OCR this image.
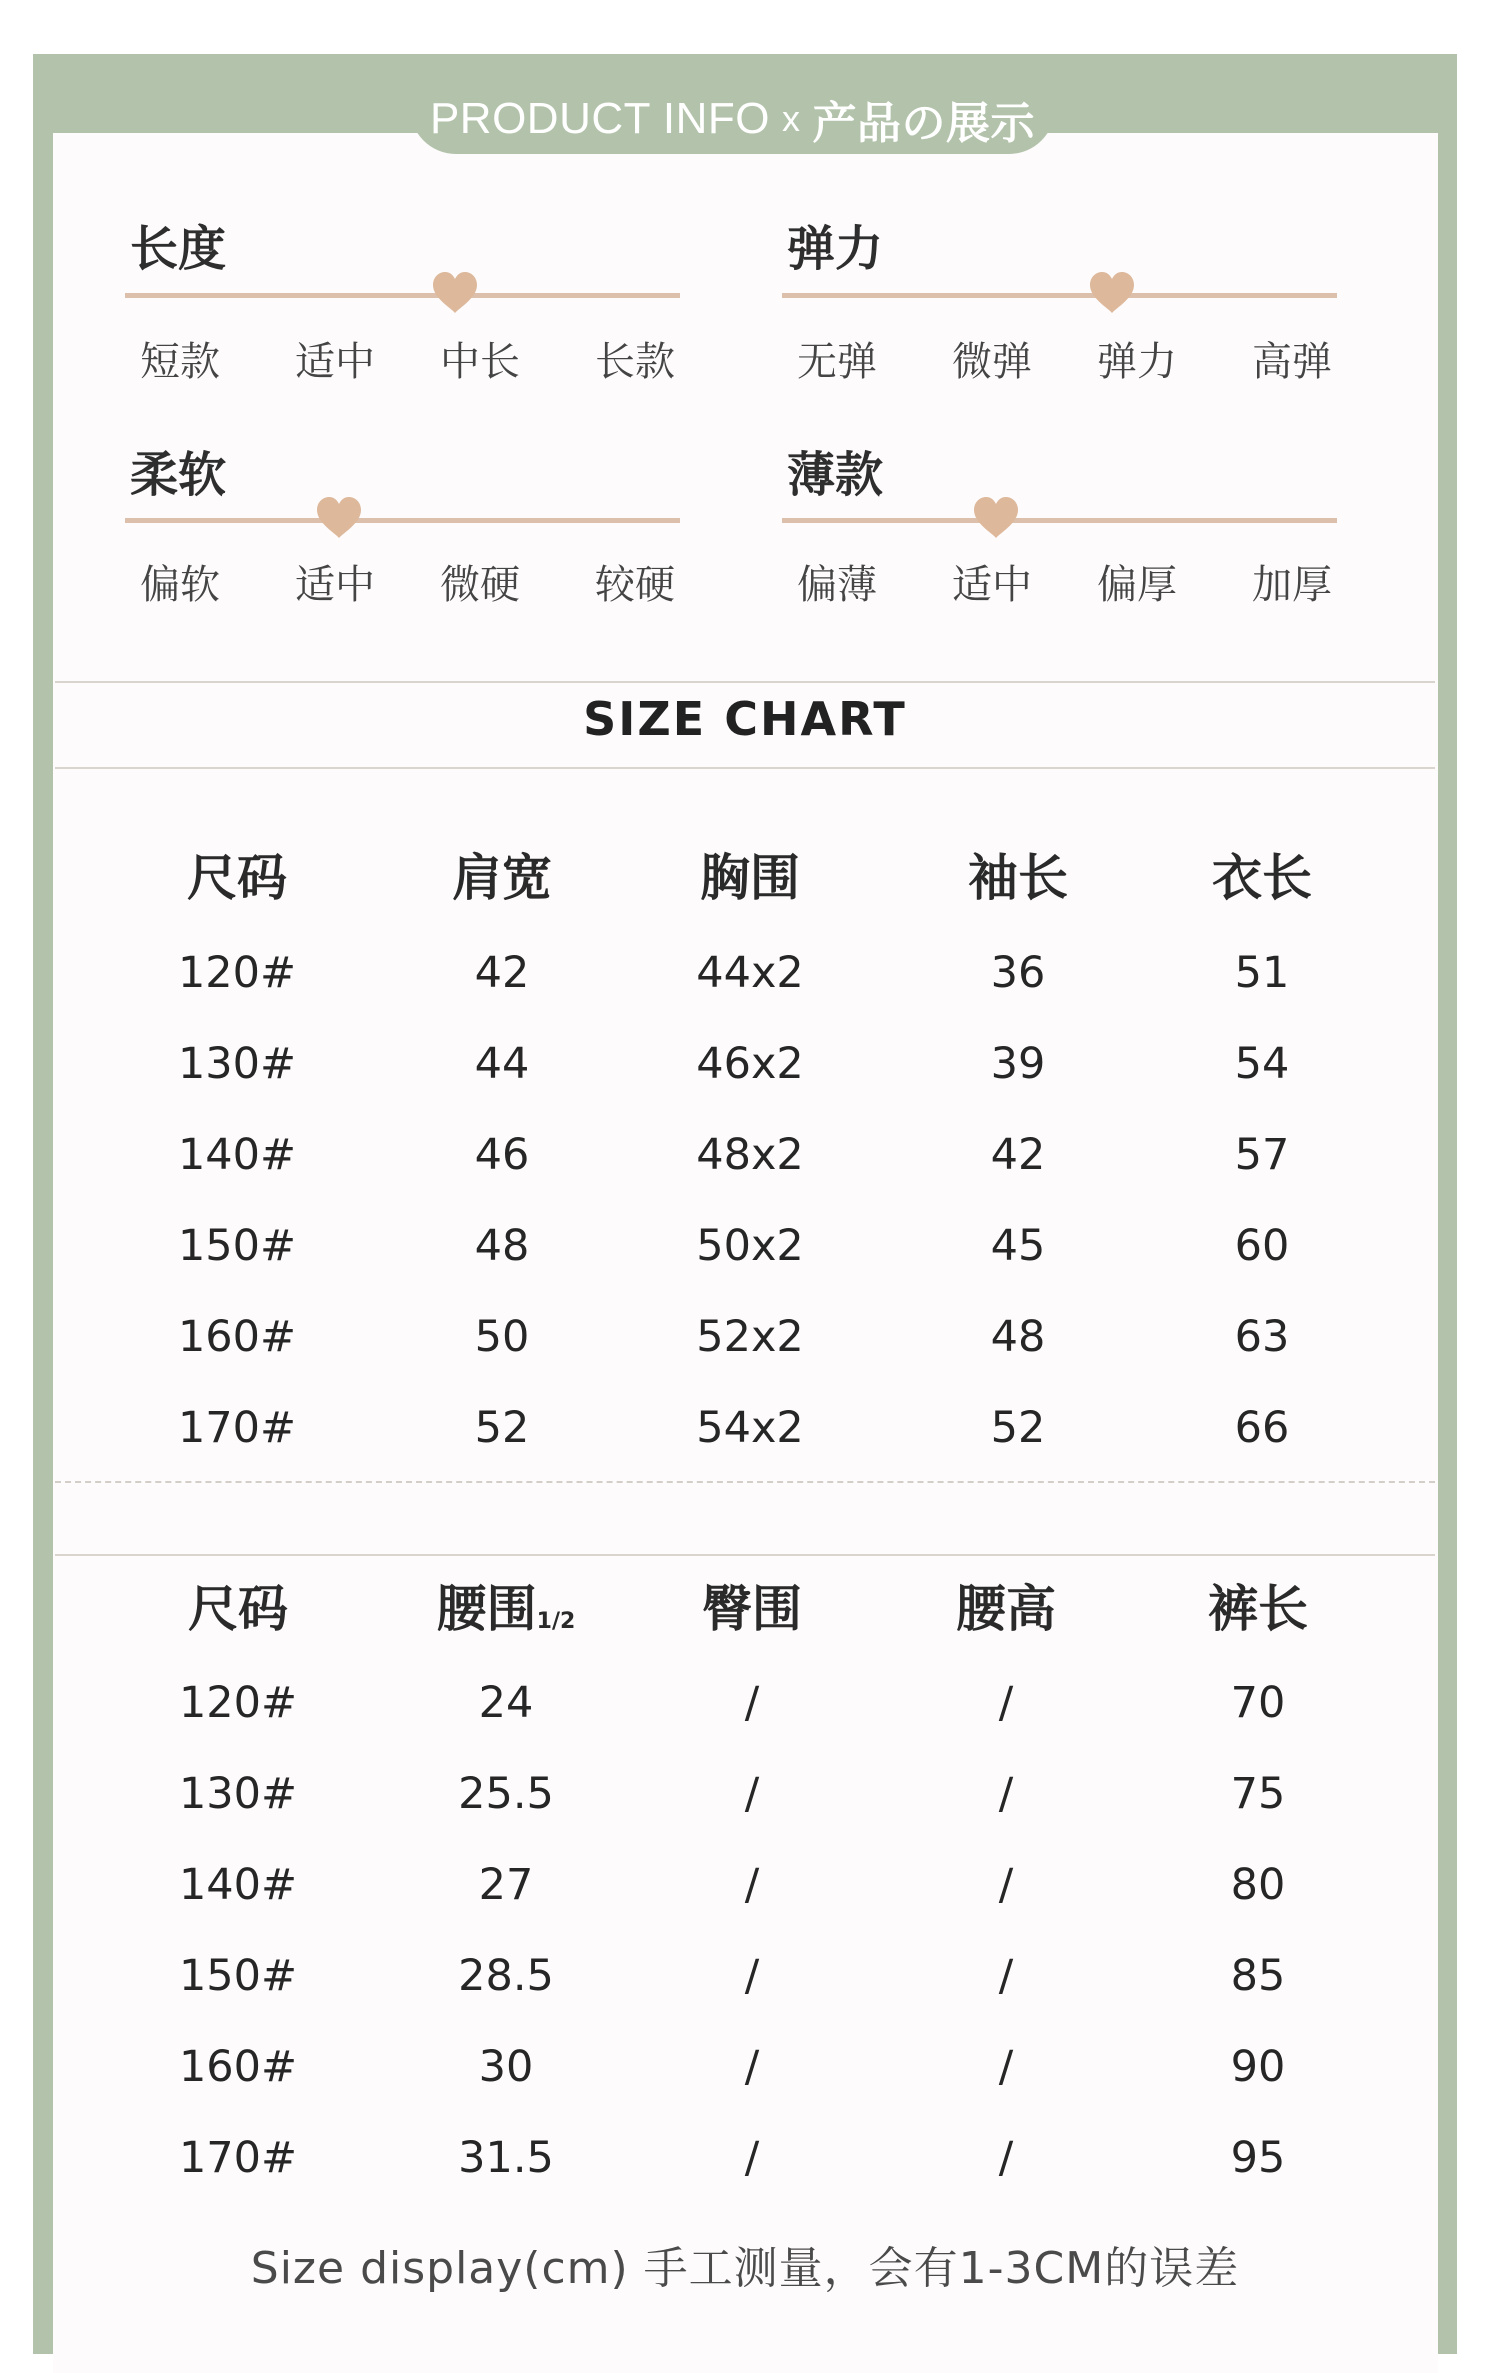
PRODUCT INFO x 产品の展示
长度
短款	适中	中长	长款
弹力
无弹	微弹	弹力	高弹
柔软
偏软	适中	微硬	较硬
薄款
偏薄	适中	偏厚	加厚
SIZE CHART
尺码	肩宽	胸围	袖长	衣长
120#	42	44x2	36	51
130#	44	46x2	39	54
140#	46	48x2	42	57
150#	48	50x2	45	60
160#	50	52x2	48	63
170#	52	54x2	52	66
尺码	腰围$_{1/2}$	臀围	腰高	裤长
120#	24	/	/	70
130#	25.5	/	/	75
140#	27	/	/	80
150#	28.5	/	/	85
160#	30	/	/	90
170#	31.5	/	/	95
Size display(cm) 手工测量，会有1-3CM的误差
